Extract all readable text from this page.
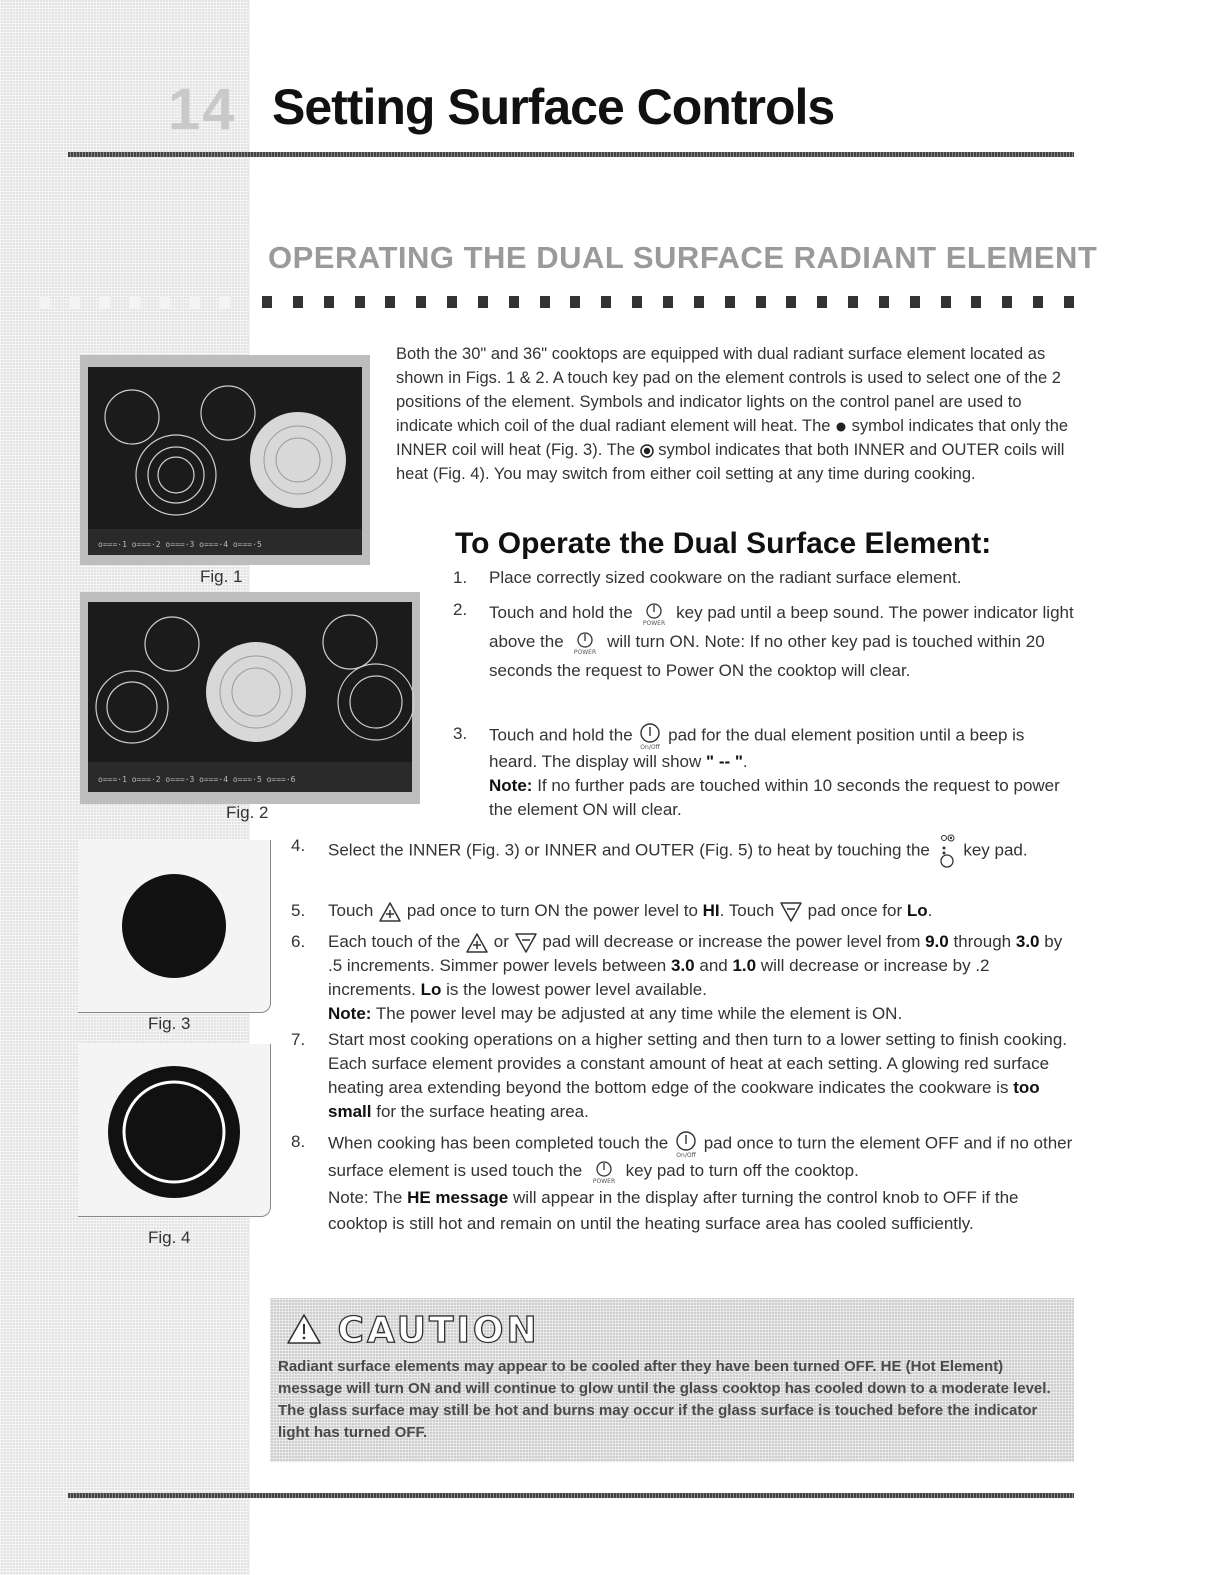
14 Setting Surface Controls
OPERATING THE DUAL SURFACE RADIANT ELEMENT
o===·1 o===·2 o===·3 o===·4 o===·5
Fig. 1
o===·1 o===·2 o===·3 o===·4 o===·5 o===·6
Fig. 2
Fig. 3
Fig. 4
Both the 30" and 36" cooktops are equipped with dual radiant surface element located as shown in Figs. 1 & 2. A touch key pad on the element controls is used to select one of the 2 positions of the element. Symbols and indicator lights on the control panel are used to indicate which coil of the dual radiant element will heat. The symbol indicates that only the INNER coil will heat (Fig. 3). The symbol indicates that both INNER and OUTER coils will heat (Fig. 4). You may switch from either coil setting at any time during cooking.
To Operate the Dual Surface Element:
1. Place correctly sized cookware on the radiant surface element.
2. Touch and hold the
POWER
key pad until a beep sound. The power indicator light above the
POWER
will turn ON. Note: If no other key pad is touched within 20 seconds the request to Power ON the cooktop will clear.
3. Touch and hold the
On/Off
pad for the dual element position until a beep is heard. The display will show " -- ".
Note: If no further pads are touched within 10 seconds the request to power the element ON will clear.
4. Select the INNER (Fig. 3) or INNER and OUTER (Fig. 5) to heat by touching the key pad.
5. Touch pad once to turn ON the power level to HI. Touch pad once for Lo.
6. Each touch of the or pad will decrease or increase the power level from 9.0 through 3.0 by .5 increments. Simmer power levels between 3.0 and 1.0 will decrease or increase by .2 increments. Lo is the lowest power level available.
Note: The power level may be adjusted at any time while the element is ON.
7. Start most cooking operations on a higher setting and then turn to a lower setting to finish cooking. Each surface element provides a constant amount of heat at each setting. A glowing red surface heating area extending beyond the bottom edge of the cookware indicates the cookware is too small for the surface heating area.
8. When cooking has been completed touch the
On/Off
pad once to turn the element OFF and if no other surface element is used touch the
POWER
key pad to turn off the cooktop.
Note: The HE message will appear in the display after turning the control knob to OFF if the cooktop is still hot and remain on until the heating surface area has cooled sufficiently.
CAUTION
Radiant surface elements may appear to be cooled after they have been turned OFF. HE (Hot Element) message will turn ON and will continue to glow until the glass cooktop has cooled down to a moderate level. The glass surface may still be hot and burns may occur if the glass surface is touched before the indicator light has turned OFF.
